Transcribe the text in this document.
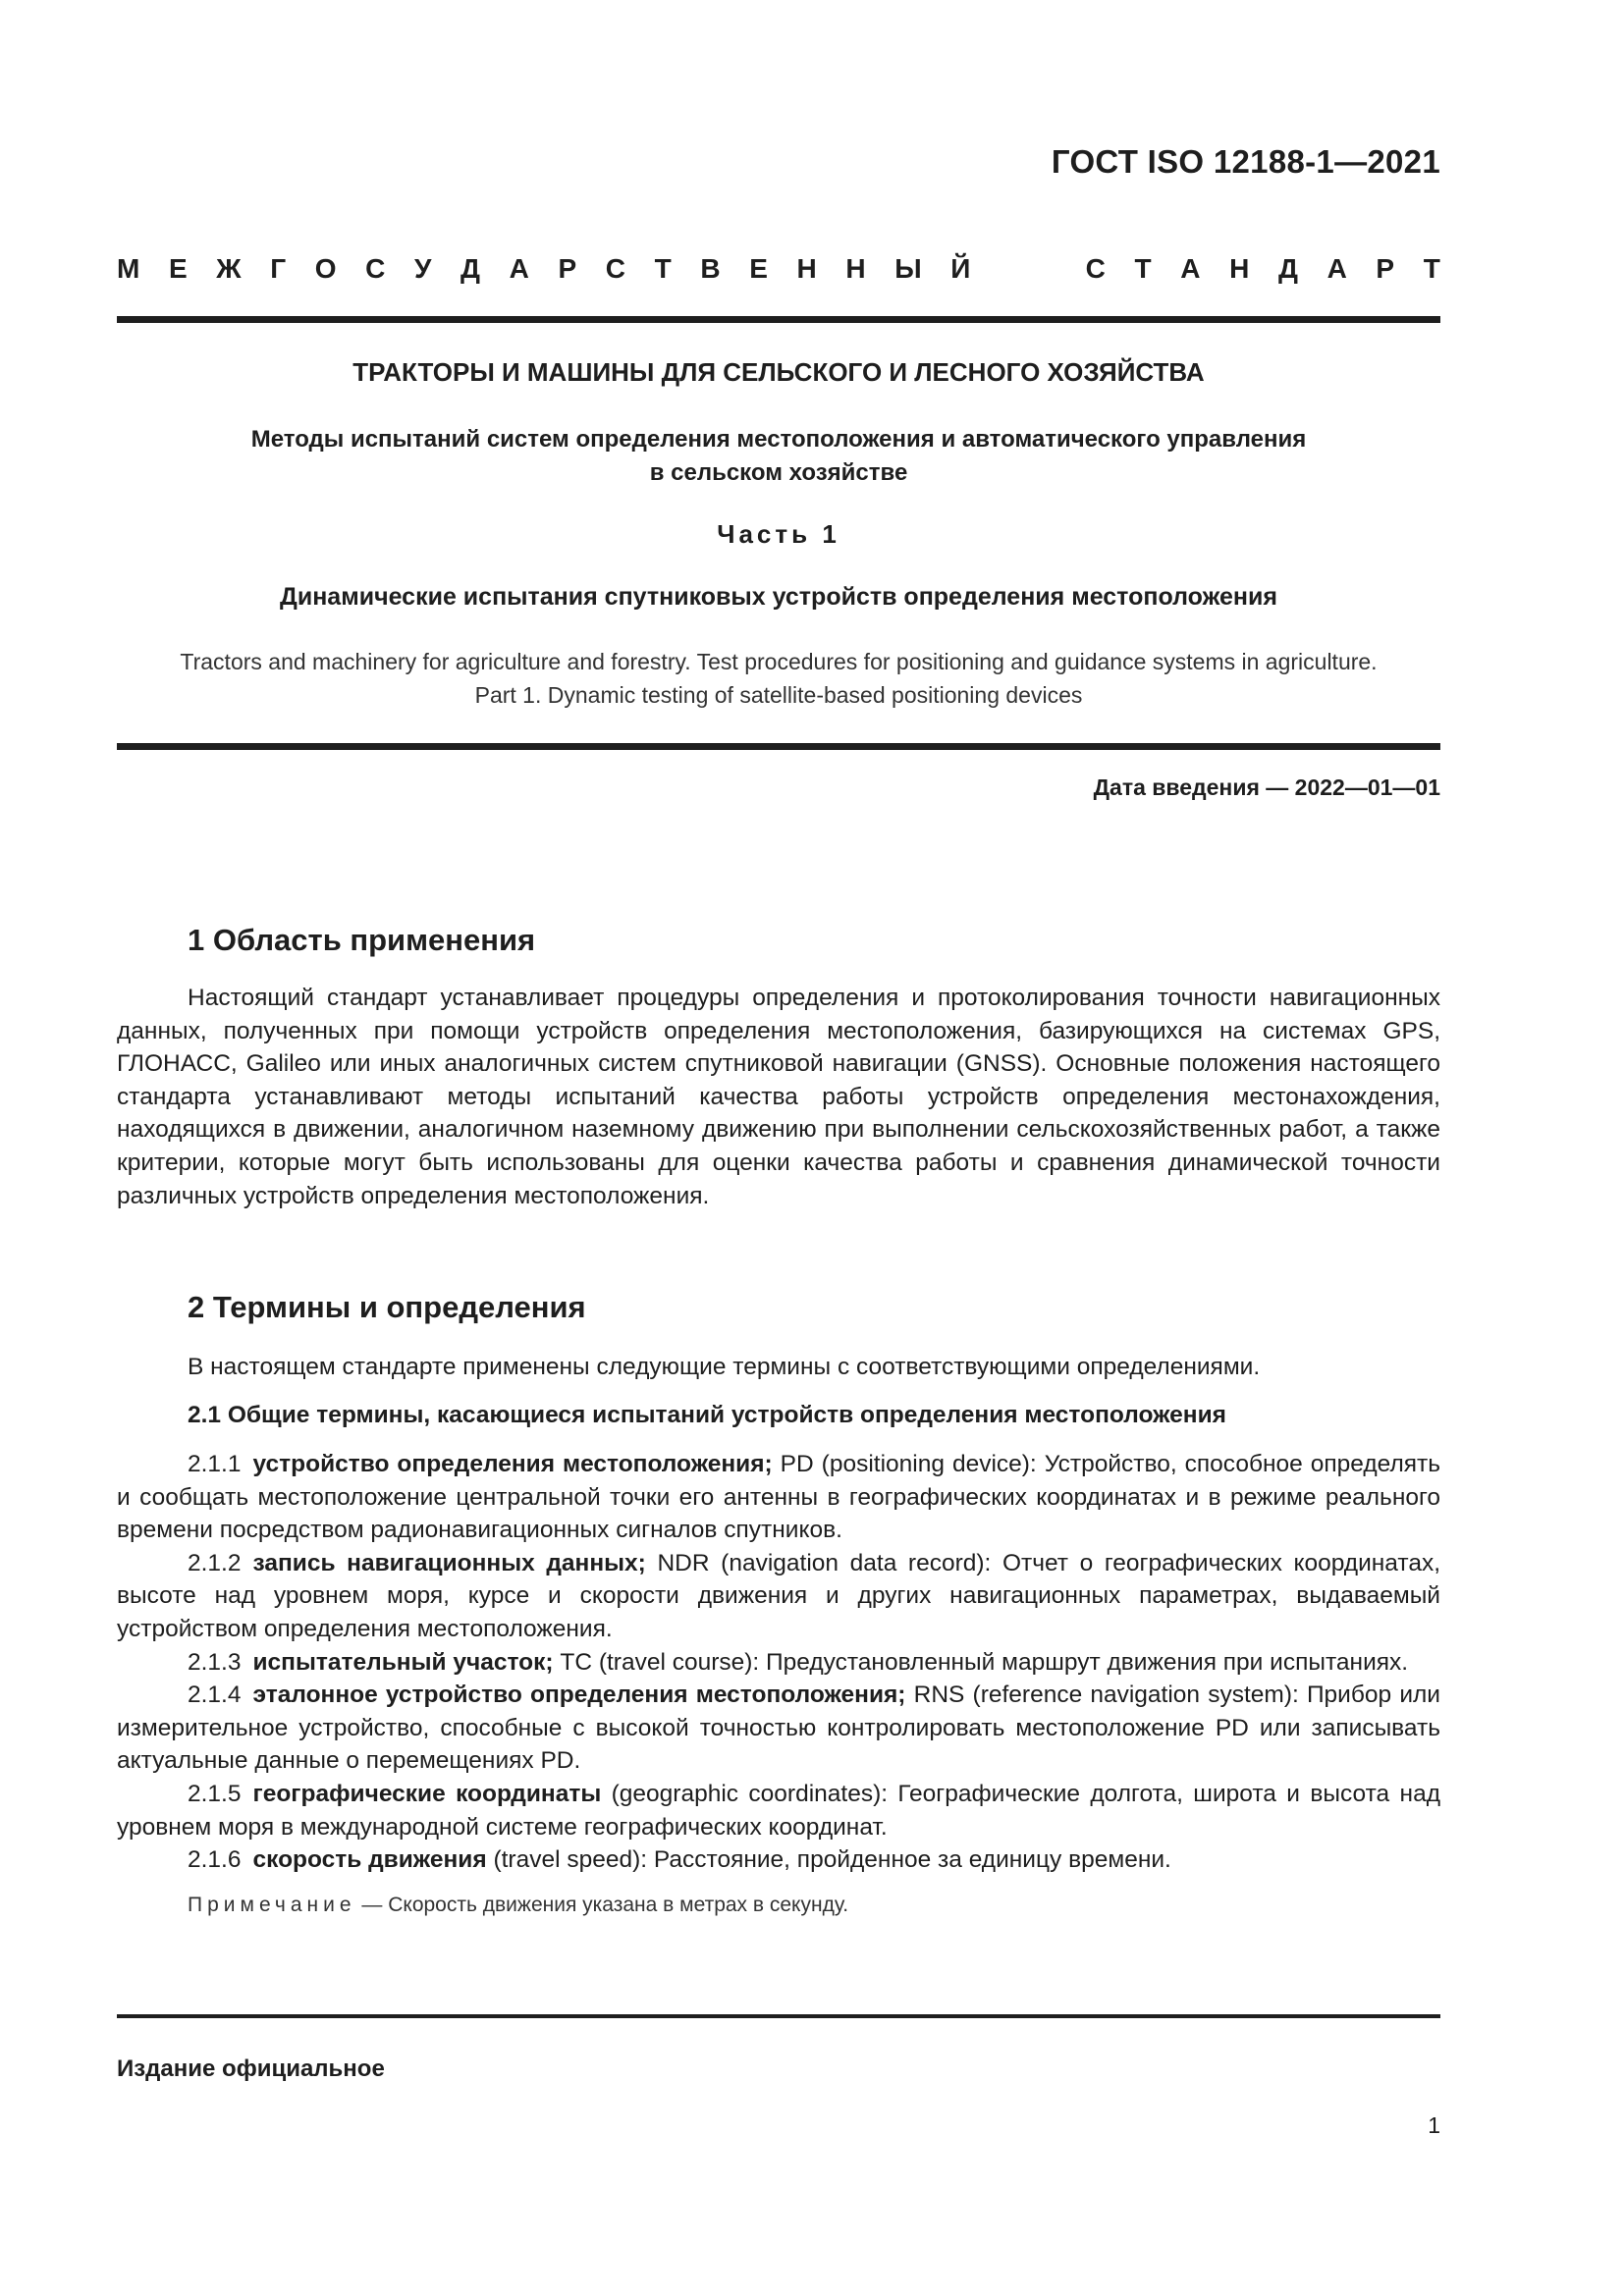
ГОСТ ISO 12188-1—2021
М Е Ж Г О С У Д А Р С Т В Е Н Н Ы Й	С Т А Н Д А Р Т
ТРАКТОРЫ И МАШИНЫ ДЛЯ СЕЛЬСКОГО И ЛЕСНОГО ХОЗЯЙСТВА
Методы испытаний систем определения местоположения и автоматического управления
в сельском хозяйстве
Часть 1
Динамические испытания спутниковых устройств определения местоположения
Tractors and machinery for agriculture and forestry. Test procedures for positioning and guidance systems in agriculture.
Part 1. Dynamic testing of satellite-based positioning devices
Дата введения — 2022—01—01
1 Область применения

Настоящий стандарт устанавливает процедуры определения и протоколирования точности навигационных данных, полученных при помощи устройств определения местоположения, базирующихся на системах GPS, ГЛОНАСС, Galileo или иных аналогичных систем спутниковой навигации (GNSS). Основные положения настоящего стандарта устанавливают методы испытаний качества работы устройств определения местонахождения, находящихся в движении, аналогичном наземному движению при выполнении сельскохозяйственных работ, а также критерии, которые могут быть использованы для оценки качества работы и сравнения динамической точности различных устройств определения местоположения.

2 Термины и определения

В настоящем стандарте применены следующие термины с соответствующими определениями.

2.1 Общие термины, касающиеся испытаний устройств определения местоположения

2.1.1 устройство определения местоположения; PD (positioning device): Устройство, способное определять и сообщать местоположение центральной точки его антенны в географических координатах и в режиме реального времени посредством радионавигационных сигналов спутников.

2.1.2 запись навигационных данных; NDR (navigation data record): Отчет о географических координатах, высоте над уровнем моря, курсе и скорости движения и других навигационных параметрах, выдаваемый устройством определения местоположения.

2.1.3 испытательный участок; TC (travel course): Предустановленный маршрут движения при испытаниях.

2.1.4 эталонное устройство определения местоположения; RNS (reference navigation system): Прибор или измерительное устройство, способные с высокой точностью контролировать местоположение PD или записывать актуальные данные о перемещениях PD.

2.1.5 географические координаты (geographic coordinates): Географические долгота, широта и высота над уровнем моря в международной системе географических координат.

2.1.6 скорость движения (travel speed): Расстояние, пройденное за единицу времени.

Примечание — Скорость движения указана в метрах в секунду.

Издание официальное
1
